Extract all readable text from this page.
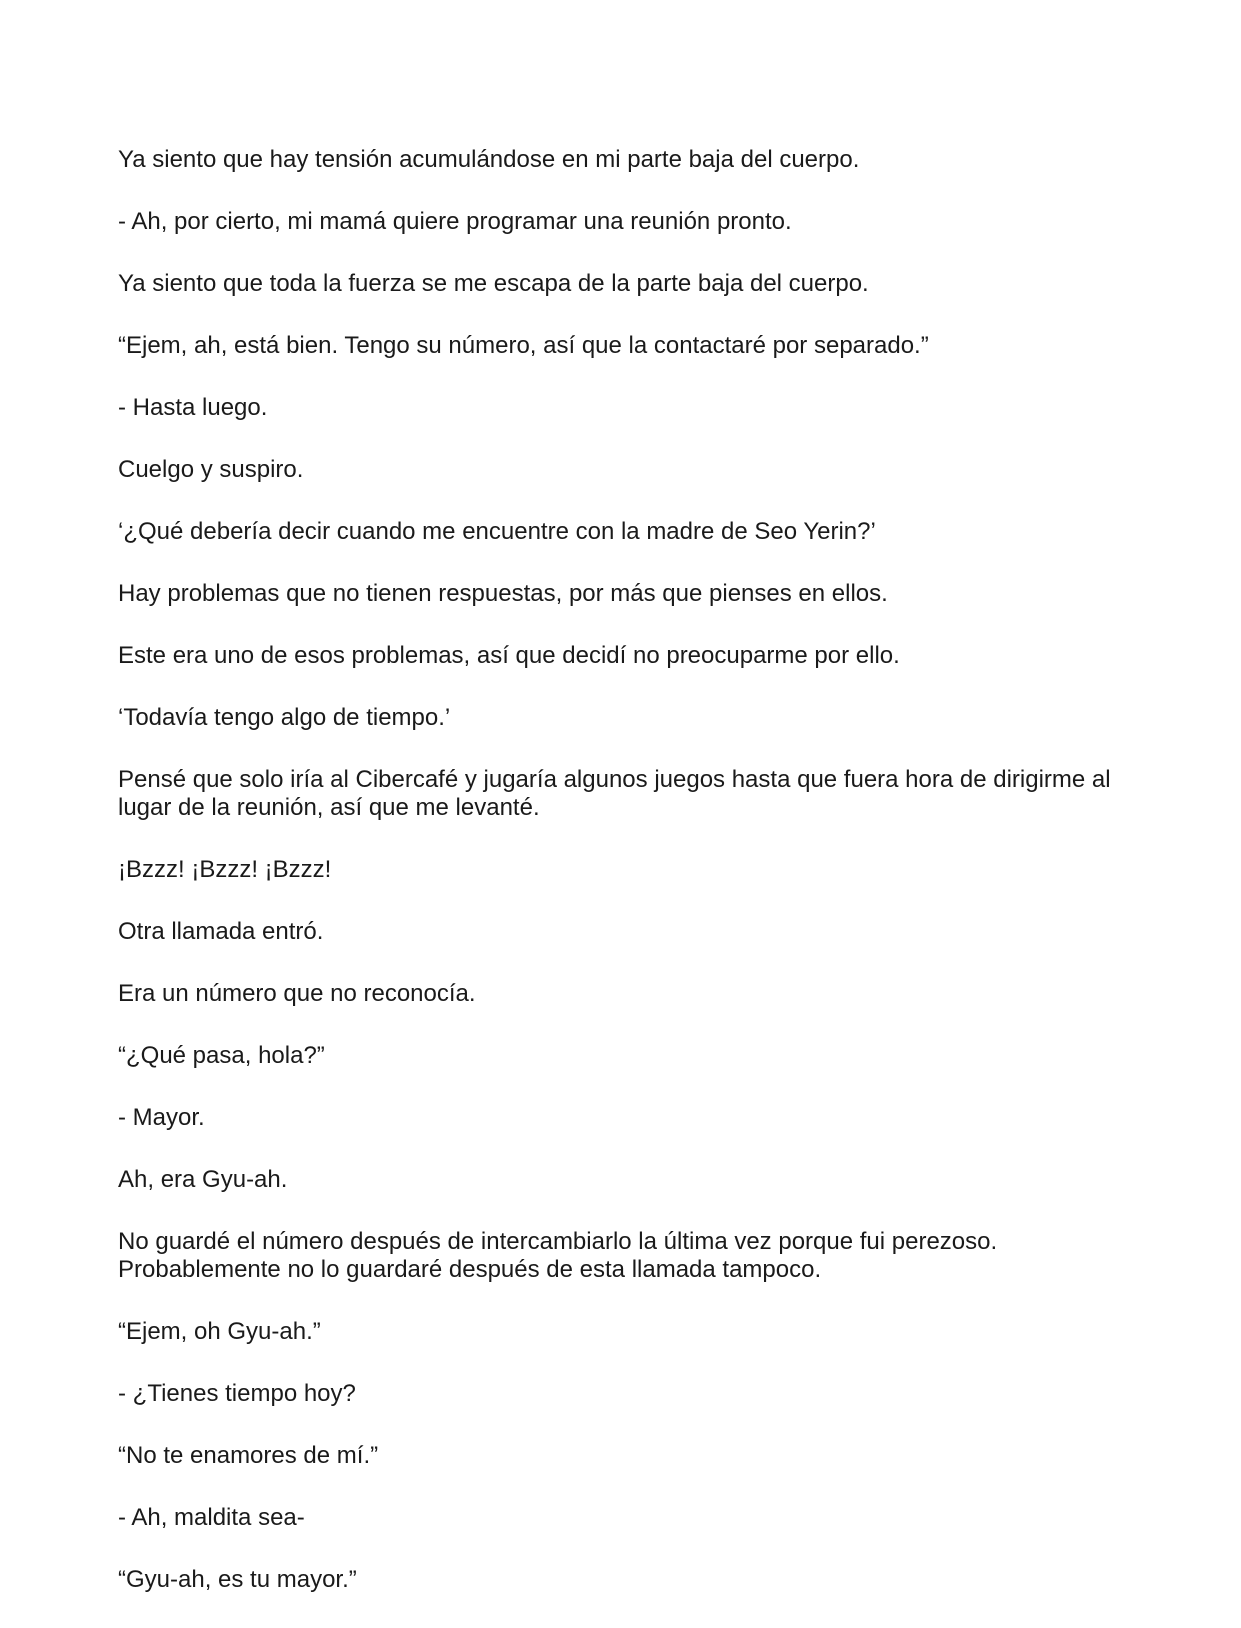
Ya siento que hay tensión acumulándose en mi parte baja del cuerpo.

- Ah, por cierto, mi mamá quiere programar una reunión pronto.

Ya siento que toda la fuerza se me escapa de la parte baja del cuerpo.

“Ejem, ah, está bien. Tengo su número, así que la contactaré por separado.”

- Hasta luego.

Cuelgo y suspiro.

‘¿Qué debería decir cuando me encuentre con la madre de Seo Yerin?’

Hay problemas que no tienen respuestas, por más que pienses en ellos.

Este era uno de esos problemas, así que decidí no preocuparme por ello.

‘Todavía tengo algo de tiempo.’

Pensé que solo iría al Cibercafé y jugaría algunos juegos hasta que fuera hora de dirigirme al lugar de la reunión, así que me levanté.

¡Bzzz! ¡Bzzz! ¡Bzzz!

Otra llamada entró.

Era un número que no reconocía.

“¿Qué pasa, hola?”

- Mayor.

Ah, era Gyu-ah.

No guardé el número después de intercambiarlo la última vez porque fui perezoso. Probablemente no lo guardaré después de esta llamada tampoco.

“Ejem, oh Gyu-ah.”

- ¿Tienes tiempo hoy?

“No te enamores de mí.”

- Ah, maldita sea-

“Gyu-ah, es tu mayor.”
